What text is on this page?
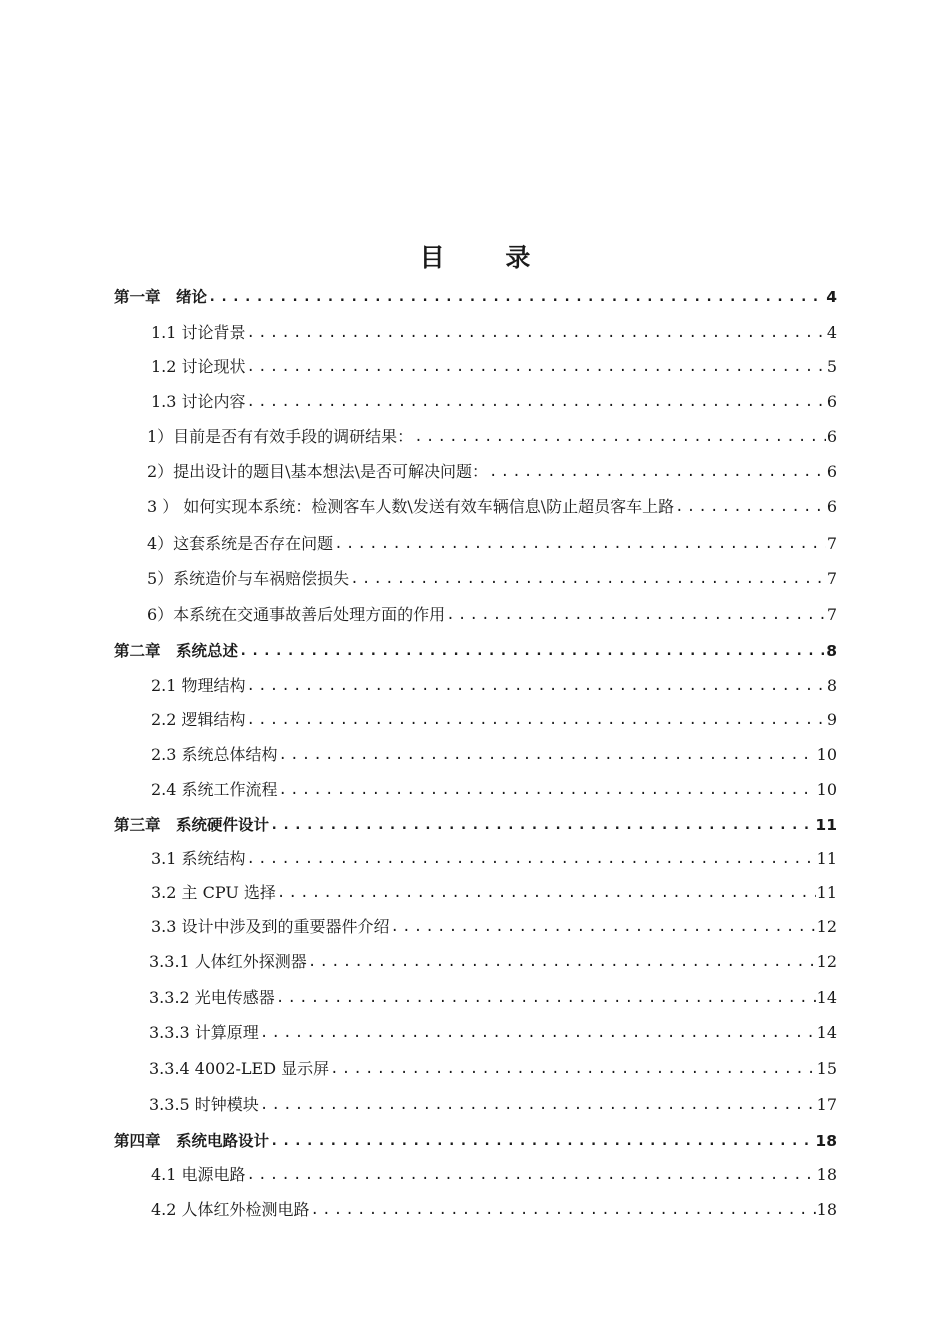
目 录
第一章　绪论 .....	4
1.1 讨论背景 .....	4
1.2 讨论现状 .....	5
1.3 讨论内容 .....	6
1）目前是否有有效手段的调研结果： .....	6
2）提出设计的题目\基本想法\是否可解决问题： .....	6
3 ） 如何实现本系统：检测客车人数\发送有效车辆信息\防止超员客车上路 .....	6
4）这套系统是否存在问题 .....	7
5）系统造价与车祸赔偿损失 .....	7
6）本系统在交通事故善后处理方面的作用 .....	7
第二章　系统总述 .....	8
2.1 物理结构 .....	8
2.2 逻辑结构 .....	9
2.3 系统总体结构 .....	10
2.4 系统工作流程 .....	10
第三章　系统硬件设计 .....	11
3.1 系统结构 .....	11
3.2 主 CPU 选择 .....	11
3.3 设计中涉及到的重要器件介绍 .....	12
3.3.1 人体红外探测器 .....	12
3.3.2 光电传感器 .....	14
3.3.3 计算原理 .....	14
3.3.4 4002-LED 显示屏 .....	15
3.3.5 时钟模块 .....	17
第四章　系统电路设计 .....	18
4.1 电源电路 .....	18
4.2 人体红外检测电路 .....	18
